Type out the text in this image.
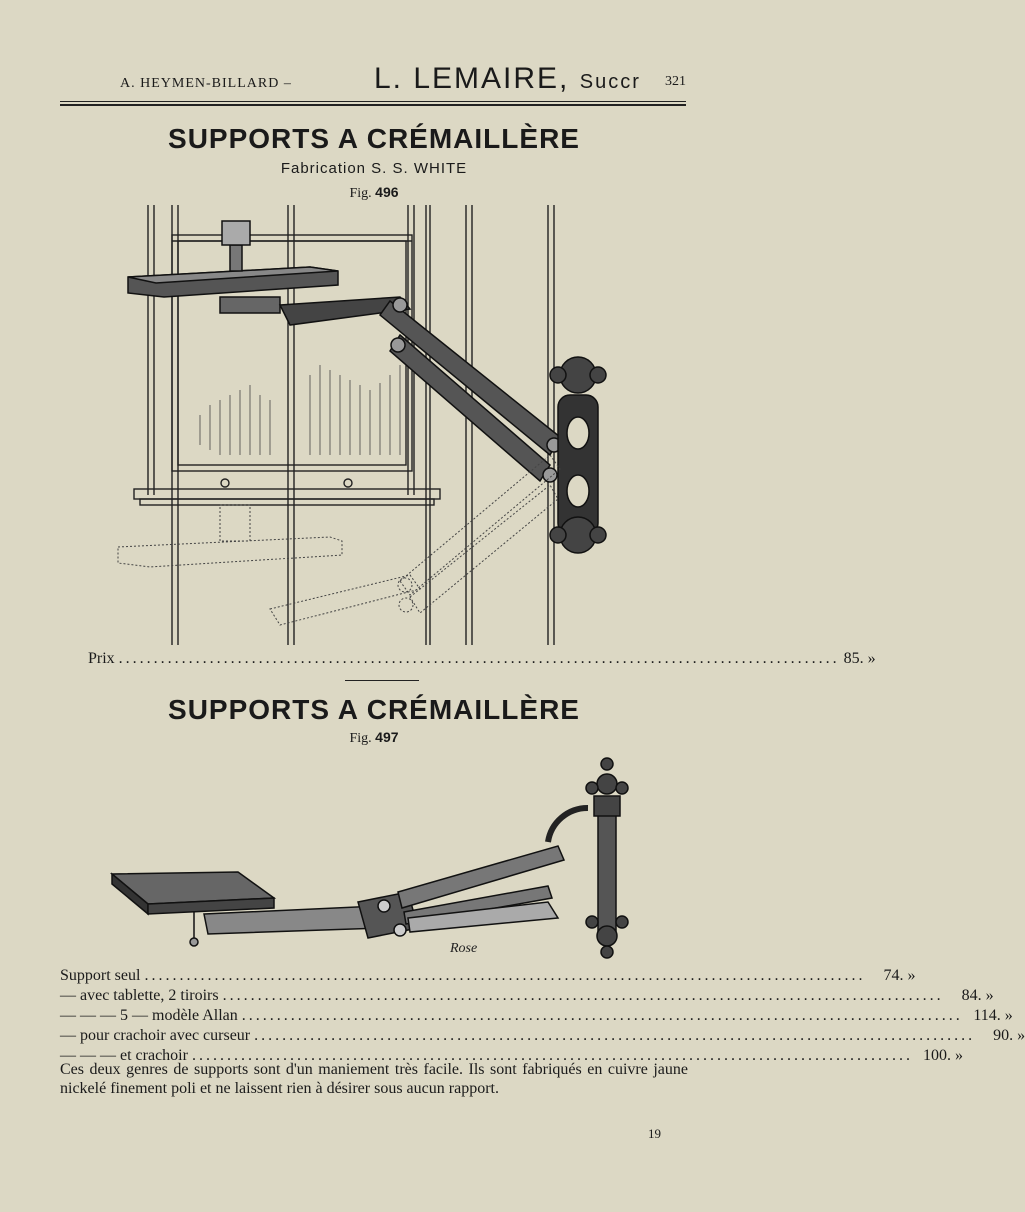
A. HEYMEN-BILLARD –	L. LEMAIRE, Succr 321
SUPPORTS A CRÉMAILLÈRE
Fabrication S. S. WHITE
Fig. 496
Prix ....................................................................................................... 85. »
SUPPORTS A CRÉMAILLÈRE
Fig. 497
Rose
Support seul .......................................................................................................	74. »
— avec tablette, 2 tiroirs .......................................................................................................	84. »
— — — 5 — modèle Allan ....................................................................................................... 114. »
— pour crachoir avec curseur .......................................................................................................	90. »
— — — et crachoir ....................................................................................................... 100. »
Ces deux genres de supports sont d'un maniement très facile. Ils sont fabriqués en cuivre jaune nickelé finement poli et ne laissent rien à désirer sous aucun rapport.
19
